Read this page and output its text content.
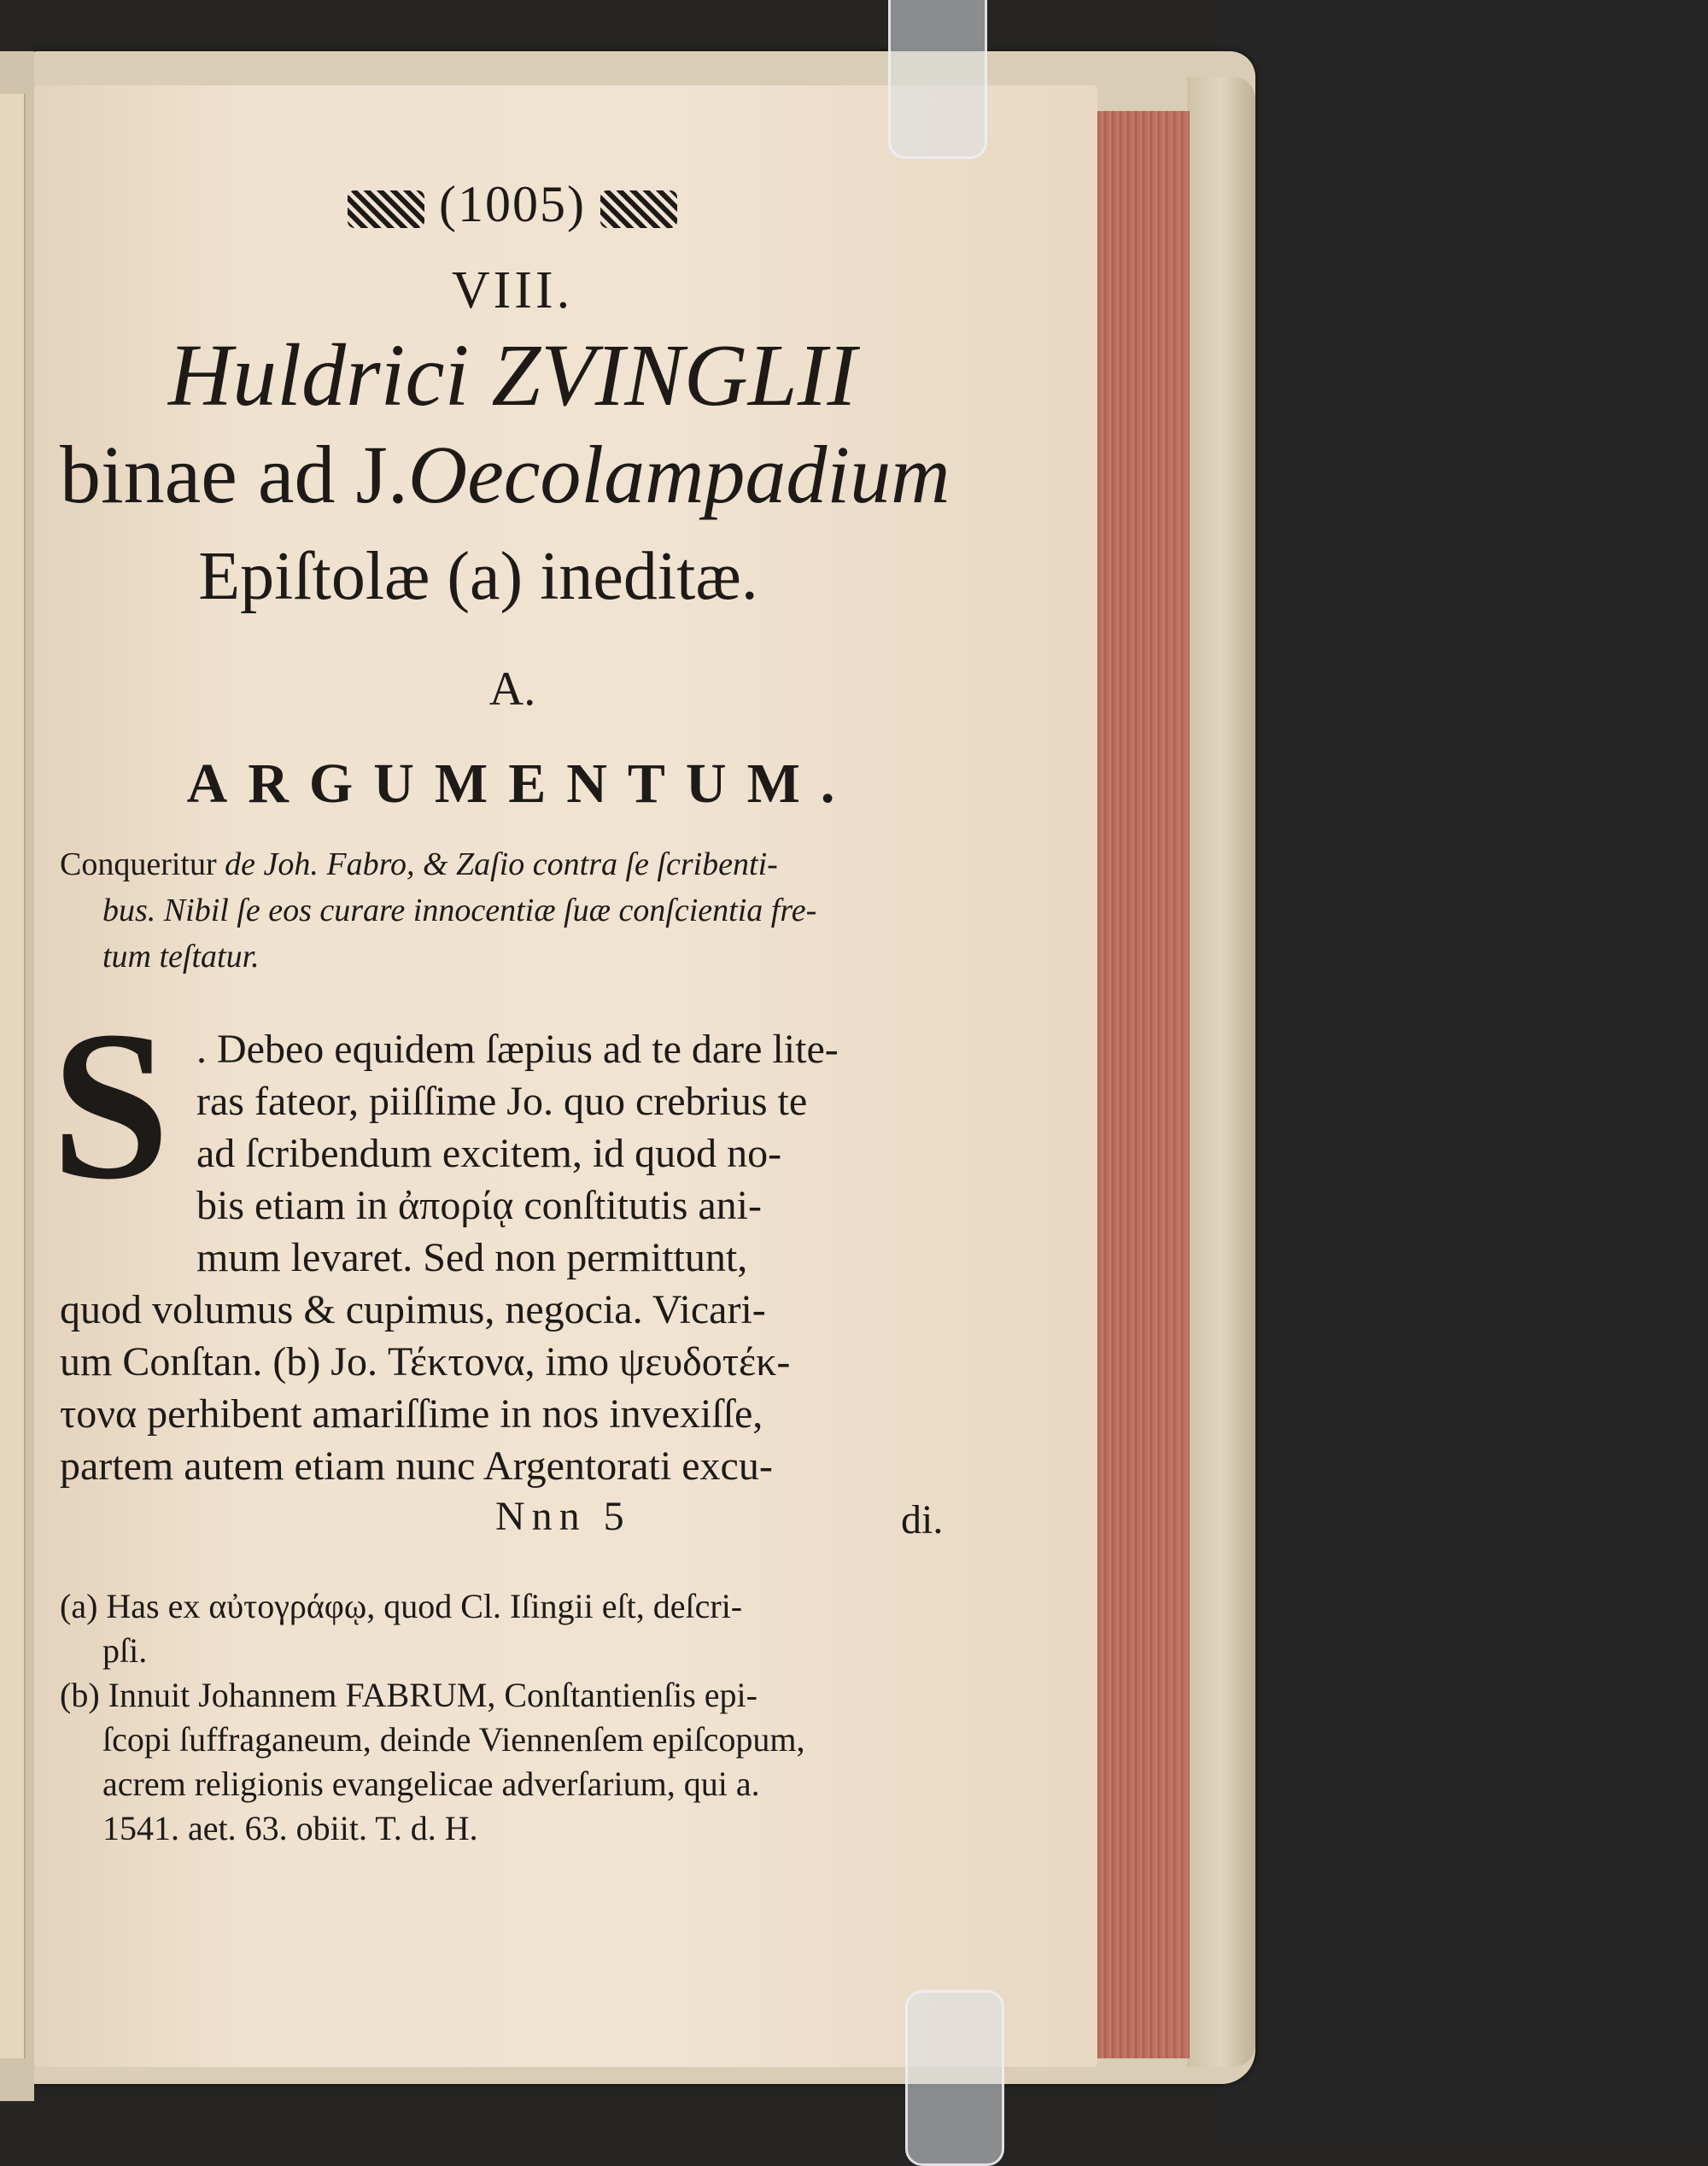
(1005)
VIII.
Huldrici ZVINGLII
binae ad J.Oecolampadium
Epiſtolæ (a) ineditæ.
A.
ARGUMENTUM.
Conqueritur de Joh. Fabro, & Zaſio contra ſe ſcribenti-
bus. Nibil ſe eos curare innocentiæ ſuæ conſcientia fre-
tum teſtatur.
S . Debeo equidem ſæpius ad te dare lite-
ras fateor, piiſſime Jo. quo crebrius te
ad ſcribendum excitem, id quod no-
bis etiam in ἀπορίᾳ conſtitutis ani-
mum levaret. Sed non permittunt,
quod volumus & cupimus, negocia. Vicari-
um Conſtan. (b) Jo. Τέκτονα, imo ψευδοτέκ-
τονα perhibent amariſſime in nos invexiſſe,
partem autem etiam nunc Argentorati excu-
Nnn 5	di.
(a) Has ex αὐτογράφῳ, quod Cl. Iſingii eſt, deſcri-
pſi.
(b) Innuit Johannem FABRUM, Conſtantienſis epi-
ſcopi ſuffraganeum, deinde Viennenſem epiſcopum,
acrem religionis evangelicae adverſarium, qui a.
1541. aet. 63. obiit. T. d. H.
